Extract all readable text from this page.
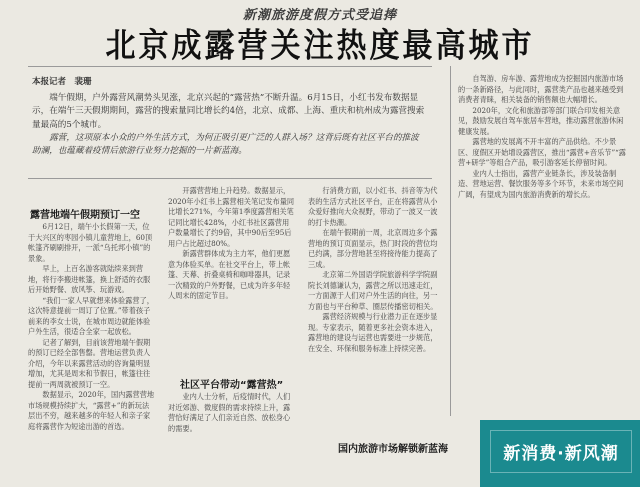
新潮旅游度假方式受追捧
北京成露营关注热度最高城市
本报记者　裴珊

端午假期，户外露营风潮势头见涨，北京兴起的“露营热”不断升温。6月15日，小红书发布数据显示，在端午三天假期期间，露营的搜索量同比增长约4倍，北京、成都、上海、重庆和杭州成为露营搜索量最高的5个城市。

露营，这项原本小众的户外生活方式，为何正吸引更广泛的人群入场？这背后既有社区平台的推波助澜，也蕴藏着疫情后旅游行业努力挖掘的一片新蓝海。

露营地端午假期预订一空

6月12日，端午小长假第一天，位于大兴区的枣园小镇儿童营地上，60顶帐篷齐刷刷排开，一派“乌托邦小镇”的景象。

早上，上百名游客就陆续来到营地，将行李搬进帐篷，换上舒适的衣服后开始野餐、放风筝、玩游戏。

“我们一家人早就想来体验露营了，这次特意提前一周订了位置。”带着孩子前来的李女士说，在城市周边就能体验户外生活，很适合全家一起放松。

记者了解到，目前该营地端午假期的预订已经全部售罄。营地运营负责人介绍，今年以来露营活动的咨询量明显增加，尤其是周末和节假日，帐篷往往提前一两周就被预订一空。

数据显示，2020年，国内露营营地市场规模持续扩大，“露营+”的新玩法层出不穷，越来越多的年轻人和亲子家庭将露营作为短途出游的首选。

开露营营地上升趋势。数据显示，2020年小红书上露营相关笔记发布量同比增长271%，今年第1季度露营相关笔记同比增长428%，小红书社区露营用户数量增长了约9倍，其中90后至95后用户占比超过80%。

新露营群体成为主力军，他们更愿意为体验买单。在社交平台上，带上帐篷、天幕、折叠桌椅和咖啡器具，记录一次精致的户外野餐，已成为许多年轻人周末的固定节目。

社区平台带动“露营热”

业内人士分析，后疫情时代，人们对近郊游、微度假的需求持续上升，露营恰好满足了人们亲近自然、放松身心的需要。

行消费方面，以小红书、抖音等为代表的生活方式社区平台，正在将露营从小众爱好推向大众视野，带动了一波又一波的打卡热潮。

在端午假期前一周，北京周边多个露营地的预订页面显示，热门时段的营位均已约满，部分营地甚至将接待能力提高了三成。

北京第二外国语学院旅游科学学院副院长刘德谦认为，露营之所以迅速走红，一方面源于人们对户外生活的向往，另一方面也与平台种草、圈层传播密切相关。

露营经济规模与行业潜力正在逐步显现。专家表示，随着更多社会资本进入，露营地的建设与运营也需要进一步规范，在安全、环保和服务标准上持续完善。

国内旅游市场解锁新蓝海

自驾游、房车游、露营地成为挖掘国内旅游市场的一条新路径，与此同时，露营类产品也越来越受到消费者青睐，相关装备的销售额也大幅增长。

2020年，文化和旅游部等部门联合印发相关意见，鼓励发展自驾车旅居车营地，推动露营旅游休闲健康发展。

露营地的发展离不开丰富的产品供给。不少景区、度假区开始增设露营区，推出“露营+音乐节”“露营+研学”等组合产品，吸引游客延长停留时间。

业内人士指出，露营产业链条长，涉及装备制造、营地运营、餐饮服务等多个环节，未来市场空间广阔，有望成为国内旅游消费新的增长点。

新消费·新风潮
